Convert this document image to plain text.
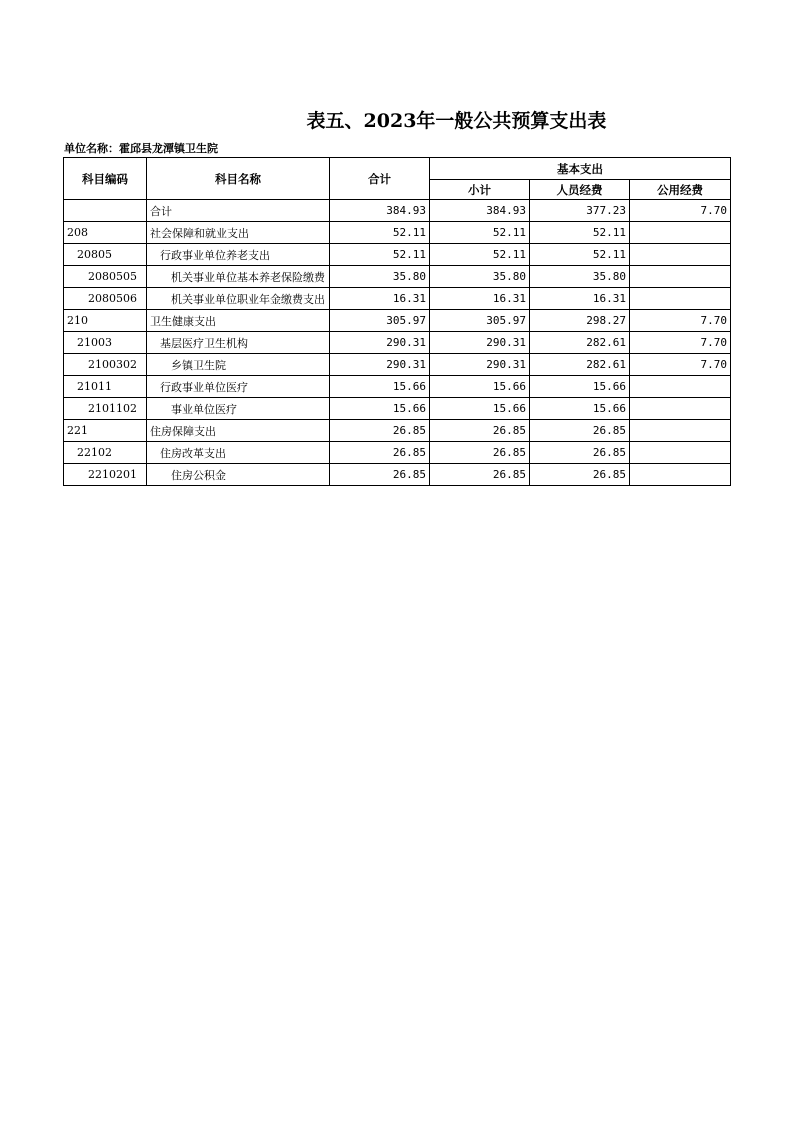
表五、2023年一般公共预算支出表
单位名称：霍邱县龙潭镇卫生院
科目编码	科目名称	合计	基本支出		
			小计	人员经费	公用经费
	合计	384.93	384.93	377.23	7.70
208	社会保障和就业支出	52.11	52.11	52.11	
20805	行政事业单位养老支出	52.11	52.11	52.11	
2080505	机关事业单位基本养老保险缴费	35.80	35.80	35.80	
2080506	机关事业单位职业年金缴费支出	16.31	16.31	16.31	
210	卫生健康支出	305.97	305.97	298.27	7.70
21003	基层医疗卫生机构	290.31	290.31	282.61	7.70
2100302	乡镇卫生院	290.31	290.31	282.61	7.70
21011	行政事业单位医疗	15.66	15.66	15.66	
2101102	事业单位医疗	15.66	15.66	15.66	
221	住房保障支出	26.85	26.85	26.85	
22102	住房改革支出	26.85	26.85	26.85	
2210201	住房公积金	26.85	26.85	26.85	
